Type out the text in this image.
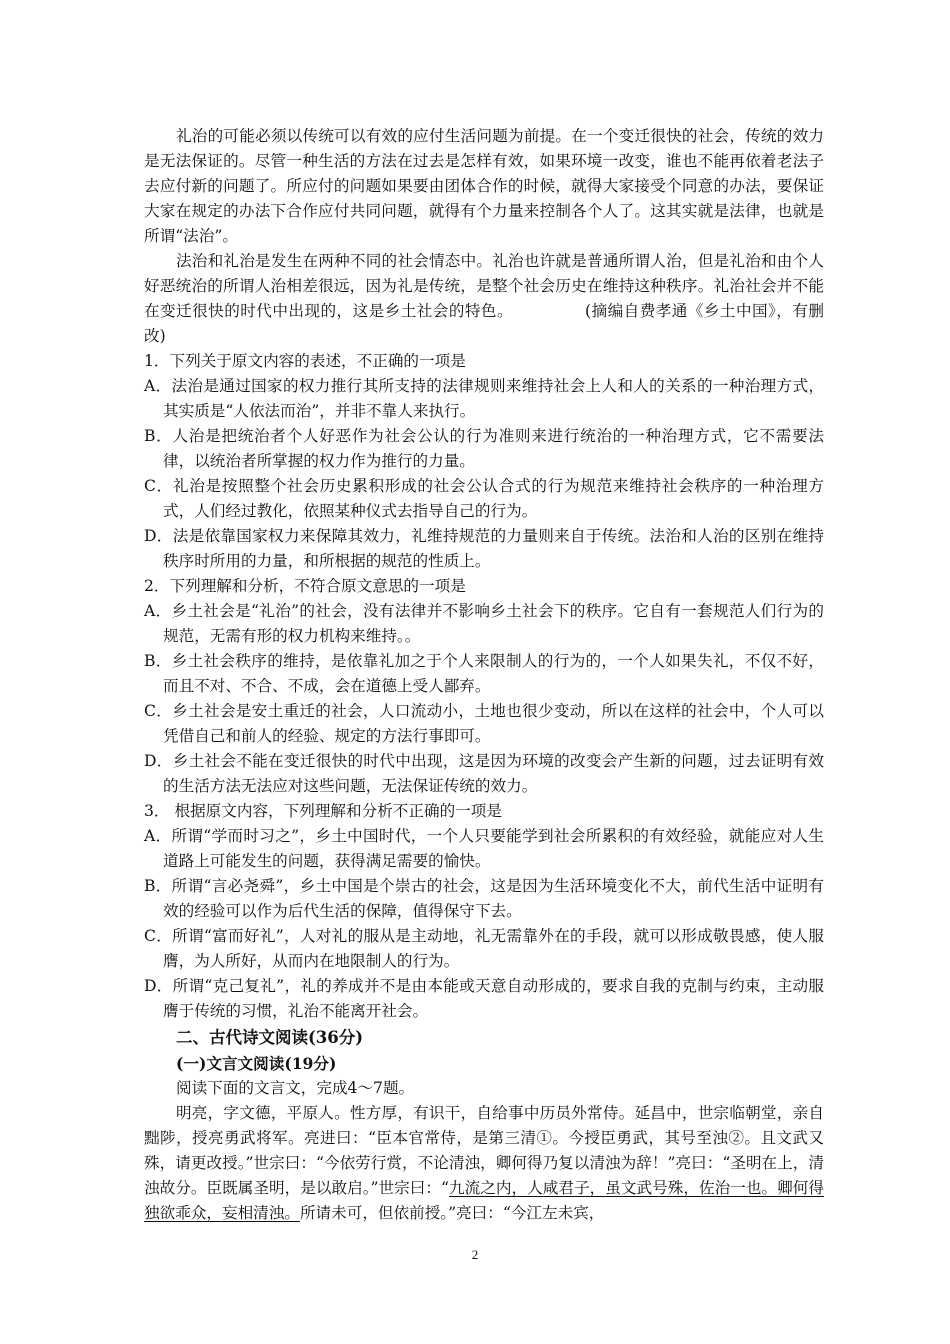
礼治的可能必须以传统可以有效的应付生活问题为前提。在一个变迁很快的社会，传统的效力是无法保证的。尽管一种生活的方法在过去是怎样有效，如果环境一改变，谁也不能再依着老法子去应付新的问题了。所应付的问题如果要由团体合作的时候，就得大家接受个同意的办法，要保证大家在规定的办法下合作应付共同问题，就得有个力量来控制各个人了。这其实就是法律，也就是所谓“法治”。

法治和礼治是发生在两种不同的社会情态中。礼治也许就是普通所谓人治，但是礼治和由个人好恶统治的所谓人治相差很远，因为礼是传统，是整个社会历史在维持这种秩序。礼治社会并不能在变迁很快的时代中出现的，这是乡土社会的特色。	(摘编自费孝通《乡土中国》，有删改)

1．下列关于原文内容的表述，不正确的一项是

A．法治是通过国家的权力推行其所支持的法律规则来维持社会上人和人的关系的一种治理方式，其实质是“人依法而治”，并非不靠人来执行。

B．人治是把统治者个人好恶作为社会公认的行为准则来进行统治的一种治理方式，它不需要法律，以统治者所掌握的权力作为推行的力量。

C．礼治是按照整个社会历史累积形成的社会公认合式的行为规范来维持社会秩序的一种治理方式，人们经过教化，依照某种仪式去指导自己的行为。

D．法是依靠国家权力来保障其效力，礼维持规范的力量则来自于传统。法治和人治的区别在维持秩序时所用的力量，和所根据的规范的性质上。

2．下列理解和分析，不符合原文意思的一项是

A．乡土社会是“礼治”的社会，没有法律并不影响乡土社会下的秩序。它自有一套规范人们行为的规范，无需有形的权力机构来维持。。

B．乡土社会秩序的维持，是依靠礼加之于个人来限制人的行为的，一个人如果失礼，不仅不好，而且不对、不合、不成，会在道德上受人鄙弃。

C．乡土社会是安土重迁的社会，人口流动小，土地也很少变动，所以在这样的社会中，个人可以凭借自己和前人的经验、规定的方法行事即可。

D．乡土社会不能在变迁很快的时代中出现，这是因为环境的改变会产生新的问题，过去证明有效的生活方法无法应对这些问题，无法保证传统的效力。

3． 根据原文内容，下列理解和分析不正确的一项是

A．所谓“学而时习之”，乡土中国时代，一个人只要能学到社会所累积的有效经验，就能应对人生道路上可能发生的问题，获得满足需要的愉快。

B．所谓“言必尧舜”，乡土中国是个崇古的社会，这是因为生活环境变化不大，前代生活中证明有效的经验可以作为后代生活的保障，值得保守下去。

C．所谓“富而好礼”，人对礼的服从是主动地，礼无需靠外在的手段，就可以形成敬畏感，使人服膺，为人所好，从而内在地限制人的行为。

D．所谓“克己复礼”，礼的养成并不是由本能或天意自动形成的，要求自我的克制与约束，主动服膺于传统的习惯，礼治不能离开社会。

二、古代诗文阅读(36分)

(一)文言文阅读(19分)

阅读下面的文言文，完成4～7题。

明亮，字文德，平原人。性方厚，有识干，自给事中历员外常侍。延昌中，世宗临朝堂，亲自黜陟，授亮勇武将军。亮进曰：“臣本官常侍，是第三清①。今授臣勇武，其号至浊②。且文武又殊，请更改授。”世宗曰：“今依劳行赏，不论清浊，卿何得乃复以清浊为辞！”亮曰：“圣明在上，清浊故分。臣既属圣明，是以敢启。”世宗曰：“九流之内，人咸君子，虽文武号殊，佐治一也。卿何得独欲乖众，妄相清浊。所请未可，但依前授。”亮曰：“今江左未宾，

2
